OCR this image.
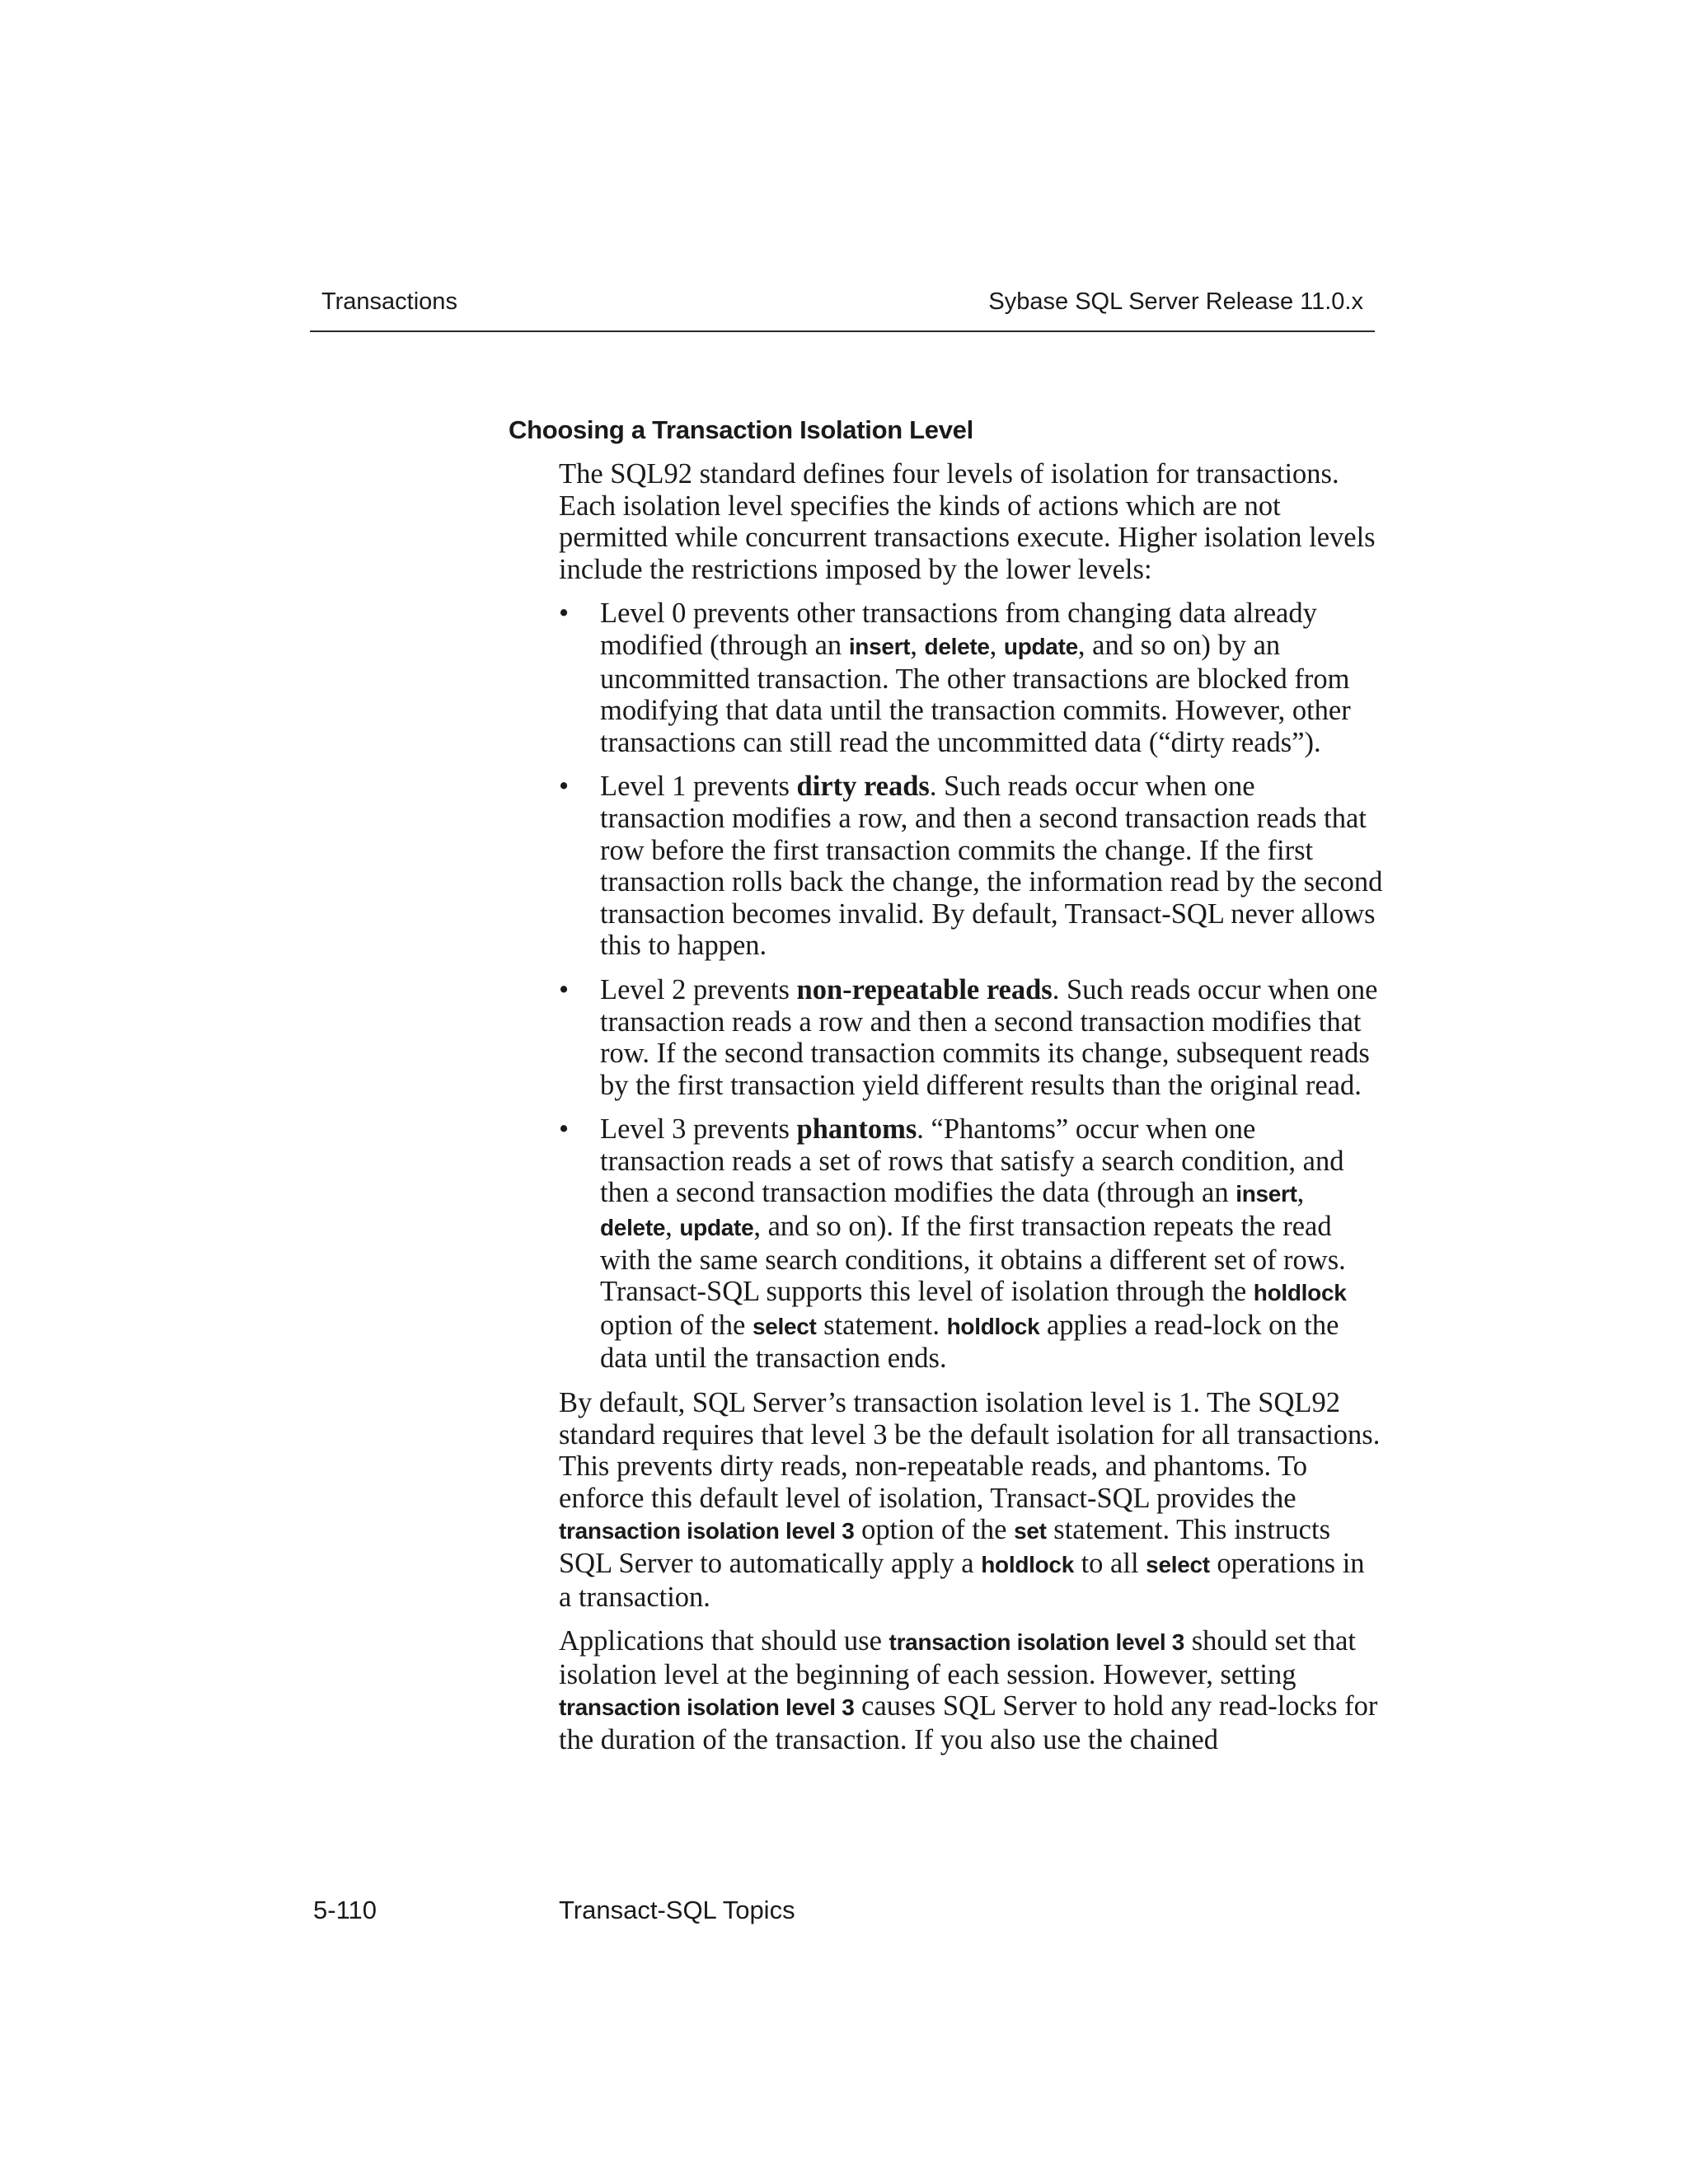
Transactions	Sybase SQL Server Release 11.0.x
Choosing a Transaction Isolation Level

The SQL92 standard defines four levels of isolation for transactions. Each isolation level specifies the kinds of actions which are not permitted while concurrent transactions execute. Higher isolation levels include the restrictions imposed by the lower levels:

• Level 0 prevents other transactions from changing data already modified (through an insert, delete, update, and so on) by an uncommitted transaction. The other transactions are blocked from modifying that data until the transaction commits. However, other transactions can still read the uncommitted data (“dirty reads”).
• Level 1 prevents dirty reads. Such reads occur when one transaction modifies a row, and then a second transaction reads that row before the first transaction commits the change. If the first transaction rolls back the change, the information read by the second transaction becomes invalid. By default, Transact-SQL never allows this to happen.
• Level 2 prevents non-repeatable reads. Such reads occur when one transaction reads a row and then a second transaction modifies that row. If the second transaction commits its change, subsequent reads by the first transaction yield different results than the original read.
• Level 3 prevents phantoms. “Phantoms” occur when one transaction reads a set of rows that satisfy a search condition, and then a second transaction modifies the data (through an insert, delete, update, and so on). If the first transaction repeats the read with the same search conditions, it obtains a different set of rows. Transact-SQL supports this level of isolation through the holdlock option of the select statement. holdlock applies a read-lock on the data until the transaction ends.

By default, SQL Server’s transaction isolation level is 1. The SQL92 standard requires that level 3 be the default isolation for all transactions. This prevents dirty reads, non-repeatable reads, and phantoms. To enforce this default level of isolation, Transact-SQL provides the transaction isolation level 3 option of the set statement. This instructs SQL Server to automatically apply a holdlock to all select operations in a transaction.

Applications that should use transaction isolation level 3 should set that isolation level at the beginning of each session. However, setting transaction isolation level 3 causes SQL Server to hold any read-locks for the duration of the transaction. If you also use the chained

5-110	Transact-SQL Topics
